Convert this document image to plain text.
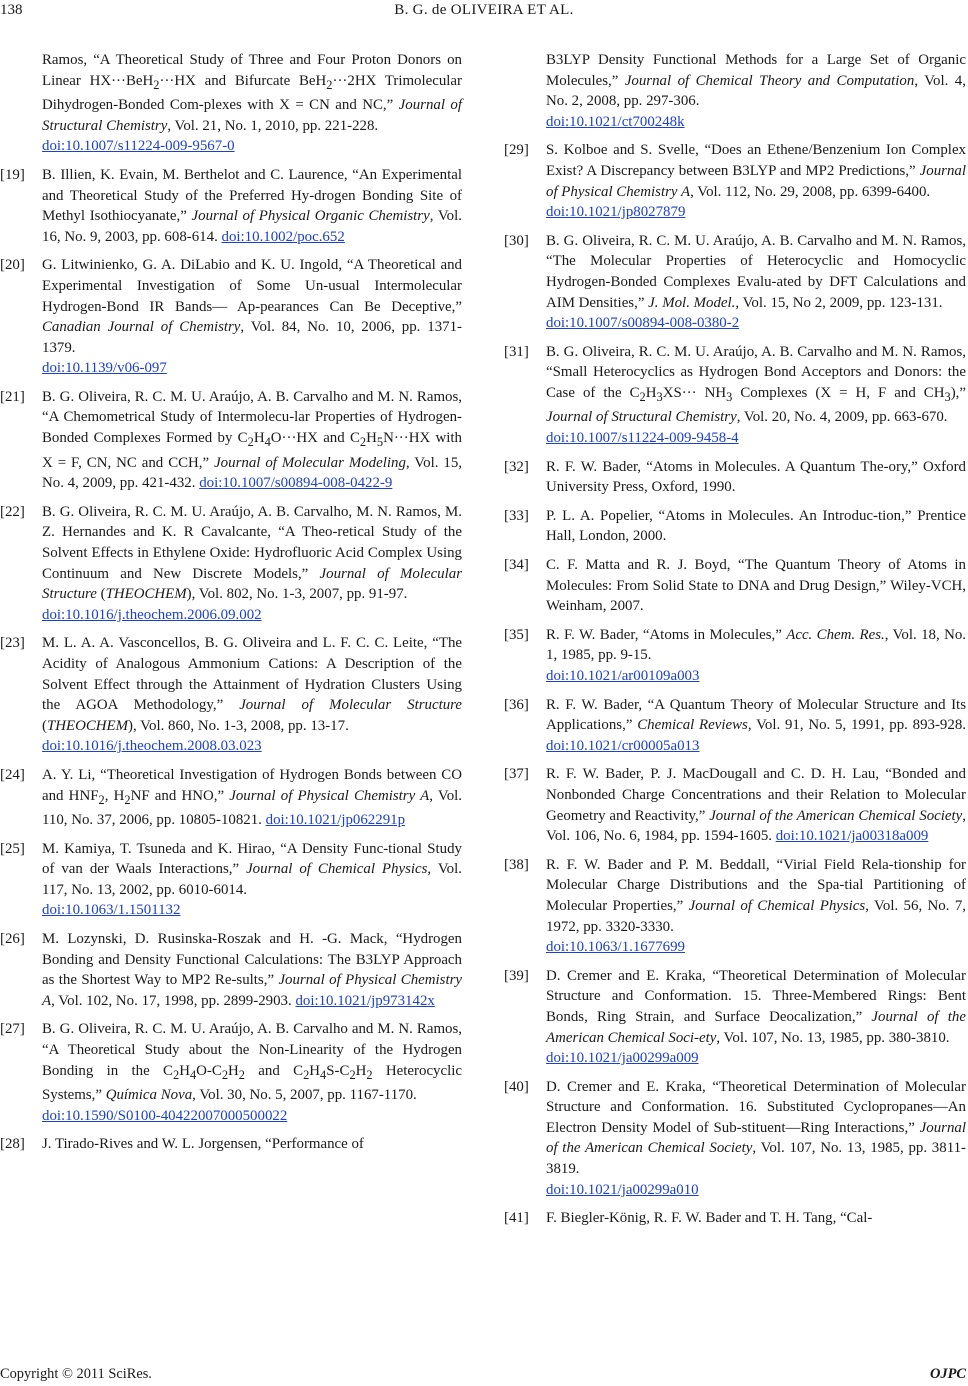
138	B. G. de OLIVEIRA ET AL.
Ramos, “A Theoretical Study of Three and Four Proton Donors on Linear HX···BeH$_2$···HX and Bifurcate BeH$_2$···2HX Trimolecular Dihydrogen-Bonded Com-plexes with X = CN and NC,” Journal of Structural Chemistry, Vol. 21, No. 1, 2010, pp. 221-228.
doi:10.1007/s11224-009-9567-0
[19] B. Illien, K. Evain, M. Berthelot and C. Laurence, “An Experimental and Theoretical Study of the Preferred Hy-drogen Bonding Site of Methyl Isothiocyanate,” Journal of Physical Organic Chemistry, Vol. 16, No. 9, 2003, pp. 608-614. doi:10.1002/poc.652
[20] G. Litwinienko, G. A. DiLabio and K. U. Ingold, “A Theoretical and Experimental Investigation of Some Un-usual Intermolecular Hydrogen-Bond IR Bands— Ap-pearances Can Be Deceptive,” Canadian Journal of Chemistry, Vol. 84, No. 10, 2006, pp. 1371-1379.
doi:10.1139/v06-097
[21] B. G. Oliveira, R. C. M. U. Araújo, A. B. Carvalho and M. N. Ramos, “A Chemometrical Study of Intermolecu-lar Properties of Hydrogen-Bonded Complexes Formed by $C_2H_4O\cdot\cdot\cdot HX$ and $C_2H_5N\cdot\cdot\cdot HX$ with X = F, CN, NC and CCH,” Journal of Molecular Modeling, Vol. 15, No. 4, 2009, pp. 421-432. doi:10.1007/s00894-008-0422-9
[22] B. G. Oliveira, R. C. M. U. Araújo, A. B. Carvalho, M. N. Ramos, M. Z. Hernandes and K. R Cavalcante, “A Theo-retical Study of the Solvent Effects in Ethylene Oxide: Hydrofluoric Acid Complex Using Continuum and New Discrete Models,” Journal of Molecular Structure (THEOCHEM), Vol. 802, No. 1-3, 2007, pp. 91-97.
doi:10.1016/j.theochem.2006.09.002
[23] M. L. A. A. Vasconcellos, B. G. Oliveira and L. F. C. C. Leite, “The Acidity of Analogous Ammonium Cations: A Description of the Solvent Effect through the Attainment of Hydration Clusters Using the AGOA Methodology,” Journal of Molecular Structure (THEOCHEM), Vol. 860, No. 1-3, 2008, pp. 13-17.
doi:10.1016/j.theochem.2008.03.023
[24] A. Y. Li, “Theoretical Investigation of Hydrogen Bonds between CO and $HNF_2$, $H_2NF$ and HNO,” Journal of Physical Chemistry A, Vol. 110, No. 37, 2006, pp. 10805-10821. doi:10.1021/jp062291p
[25] M. Kamiya, T. Tsuneda and K. Hirao, “A Density Func-tional Study of van der Waals Interactions,” Journal of Chemical Physics, Vol. 117, No. 13, 2002, pp. 6010-6014.
doi:10.1063/1.1501132
[26] M. Lozynski, D. Rusinska-Roszak and H. -G. Mack, “Hydrogen Bonding and Density Functional Calculations: The B3LYP Approach as the Shortest Way to MP2 Re-sults,” Journal of Physical Chemistry A, Vol. 102, No. 17, 1998, pp. 2899-2903. doi:10.1021/jp973142x
[27] B. G. Oliveira, R. C. M. U. Araújo, A. B. Carvalho and M. N. Ramos, “A Theoretical Study about the Non-Linearity of the Hydrogen Bonding in the $C_2H_4O-C_2H_2$ and $C_2H_4S-C_2H_2$ Heterocyclic Systems,” Química Nova, Vol. 30, No. 5, 2007, pp. 1167-1170.
doi:10.1590/S0100-40422007000500022
[28] J. Tirado-Rives and W. L. Jorgensen, “Performance of
B3LYP Density Functional Methods for a Large Set of Organic Molecules,” Journal of Chemical Theory and Computation, Vol. 4, No. 2, 2008, pp. 297-306.
doi:10.1021/ct700248k
[29] S. Kolboe and S. Svelle, “Does an Ethene/Benzenium Ion Complex Exist? A Discrepancy between B3LYP and MP2 Predictions,” Journal of Physical Chemistry A, Vol. 112, No. 29, 2008, pp. 6399-6400.
doi:10.1021/jp8027879
[30] B. G. Oliveira, R. C. M. U. Araújo, A. B. Carvalho and M. N. Ramos, “The Molecular Properties of Heterocyclic and Homocyclic Hydrogen-Bonded Complexes Evalu-ated by DFT Calculations and AIM Densities,” J. Mol. Model., Vol. 15, No 2, 2009, pp. 123-131.
doi:10.1007/s00894-008-0380-2
[31] B. G. Oliveira, R. C. M. U. Araújo, A. B. Carvalho and M. N. Ramos, “Small Heterocyclics as Hydrogen Bond Acceptors and Donors: the Case of the $C_2H_3XS\cdot\cdot\cdot NH_3$ Complexes (X = H, F and $CH_3$),” Journal of Structural Chemistry, Vol. 20, No. 4, 2009, pp. 663-670.
doi:10.1007/s11224-009-9458-4
[32] R. F. W. Bader, “Atoms in Molecules. A Quantum The-ory,” Oxford University Press, Oxford, 1990.
[33] P. L. A. Popelier, “Atoms in Molecules. An Introduc-tion,” Prentice Hall, London, 2000.
[34] C. F. Matta and R. J. Boyd, “The Quantum Theory of Atoms in Molecules: From Solid State to DNA and Drug Design,” Wiley-VCH, Weinham, 2007.
[35] R. F. W. Bader, “Atoms in Molecules,” Acc. Chem. Res., Vol. 18, No. 1, 1985, pp. 9-15.
doi:10.1021/ar00109a003
[36] R. F. W. Bader, “A Quantum Theory of Molecular Structure and Its Applications,” Chemical Reviews, Vol. 91, No. 5, 1991, pp. 893-928. doi:10.1021/cr00005a013
[37] R. F. W. Bader, P. J. MacDougall and C. D. H. Lau, “Bonded and Nonbonded Charge Concentrations and their Relation to Molecular Geometry and Reactivity,” Journal of the American Chemical Society, Vol. 106, No. 6, 1984, pp. 1594-1605. doi:10.1021/ja00318a009
[38] R. F. W. Bader and P. M. Beddall, “Virial Field Rela-tionship for Molecular Charge Distributions and the Spa-tial Partitioning of Molecular Properties,” Journal of Chemical Physics, Vol. 56, No. 7, 1972, pp. 3320-3330.
doi:10.1063/1.1677699
[39] D. Cremer and E. Kraka, “Theoretical Determination of Molecular Structure and Conformation. 15. Three-Membered Rings: Bent Bonds, Ring Strain, and Surface Deocalization,” Journal of the American Chemical Soci-ety, Vol. 107, No. 13, 1985, pp. 380-3810.
doi:10.1021/ja00299a009
[40] D. Cremer and E. Kraka, “Theoretical Determination of Molecular Structure and Conformation. 16. Substituted Cyclopropanes―An Electron Density Model of Sub-stituent―Ring Interactions,” Journal of the American Chemical Society, Vol. 107, No. 13, 1985, pp. 3811-3819.
doi:10.1021/ja00299a010
[41] F. Biegler-König, R. F. W. Bader and T. H. Tang, “Cal-
Copyright © 2011 SciRes.	OJPC
